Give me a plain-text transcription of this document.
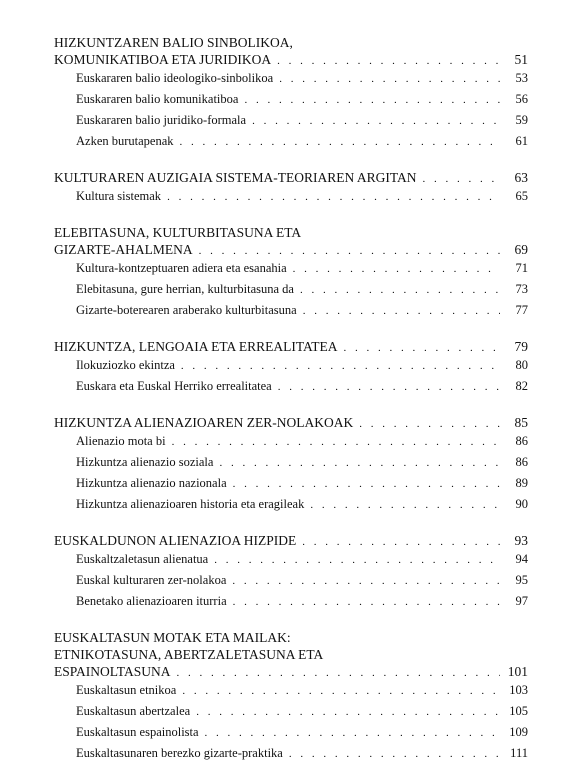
HIZKUNTZAREN BALIO SINBOLIKOA,
KOMUNIKATIBOA ETA JURIDIKOA . . .	51
Euskararen balio ideologiko-sinbolikoa . . .	53
Euskararen balio komunikatiboa . . .	56
Euskararen balio juridiko-formala . . .	59
Azken burutapenak . . .	61
KULTURAREN AUZIGAIA SISTEMA-TEORIAREN ARGITAN . . .	63
Kultura sistemak . . .	65
ELEBITASUNA, KULTURBITASUNA ETA
GIZARTE-AHALMENA . . .	69
Kultura-kontzeptuaren adiera eta esanahia . . .	71
Elebitasuna, gure herrian, kulturbitasuna da . . .	73
Gizarte-boterearen araberako kulturbitasuna . . .	77
HIZKUNTZA, LENGOAIA ETA ERREALITATEA . . .	79
Ilokuziozko ekintza . . .	80
Euskara eta Euskal Herriko errealitatea . . .	82
HIZKUNTZA ALIENAZIOAREN ZER-NOLAKOAK . . .	85
Alienazio mota bi . . .	86
Hizkuntza alienazio soziala . . .	86
Hizkuntza alienazio nazionala . . .	89
Hizkuntza alienazioaren historia eta eragileak . . .	90
EUSKALDUNON ALIENAZIOA HIZPIDE . . .	93
Euskaltzaletasun alienatua . . .	94
Euskal kulturaren zer-nolakoa . . .	95
Benetako alienazioaren iturria . . .	97
EUSKALTASUN MOTAK ETA MAILAK:
ETNIKOTASUNA, ABERTZALETASUNA ETA
ESPAINOLTASUNA . . .	101
Euskaltasun etnikoa . . .	103
Euskaltasun abertzalea . . .	105
Euskaltasun espainolista . . .	109
Euskaltasunaren berezko gizarte-praktika . . .	111
